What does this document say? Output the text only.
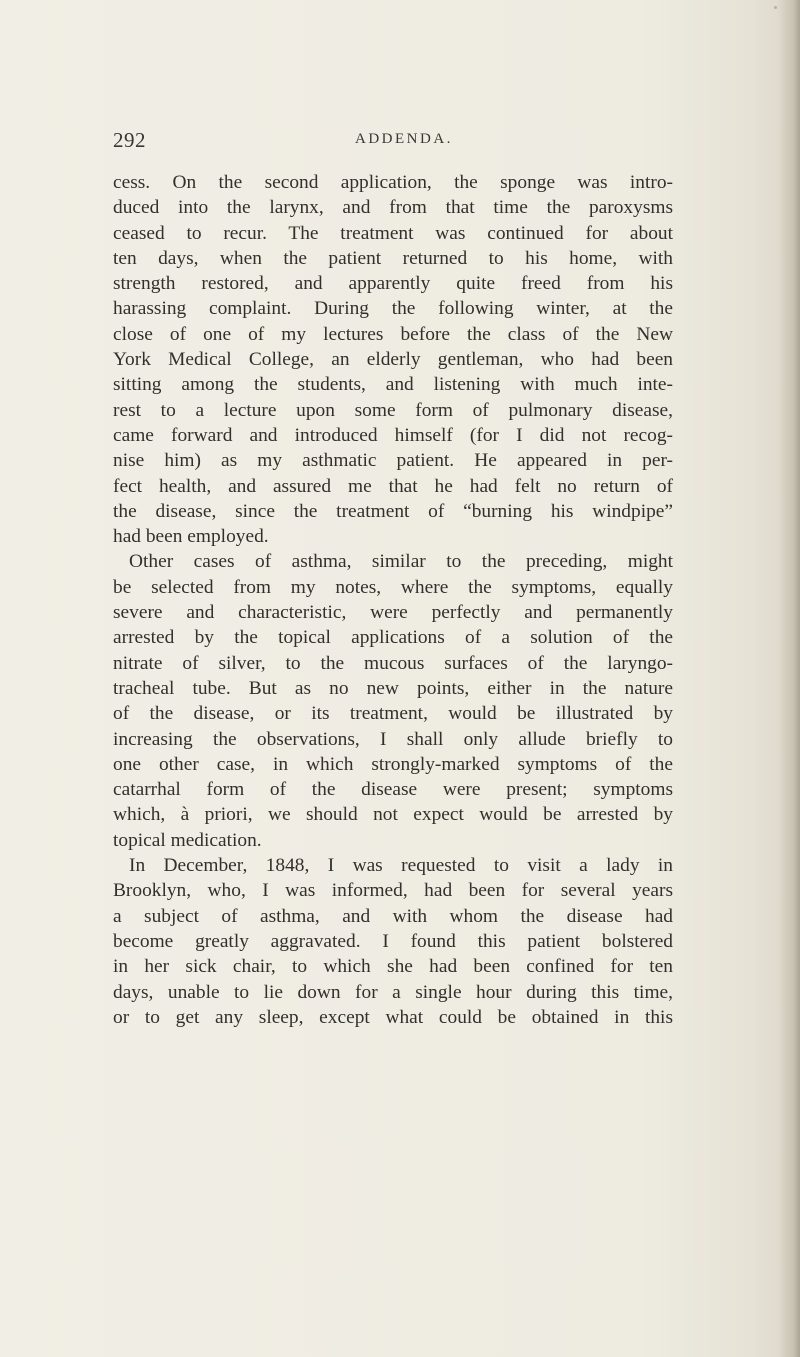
292	ADDENDA.
cess. On the second application, the sponge was intro-
duced into the larynx, and from that time the paroxysms
ceased to recur. The treatment was continued for about
ten days, when the patient returned to his home, with
strength restored, and apparently quite freed from his
harassing complaint. During the following winter, at the
close of one of my lectures before the class of the New
York Medical College, an elderly gentleman, who had been
sitting among the students, and listening with much inte-
rest to a lecture upon some form of pulmonary disease,
came forward and introduced himself (for I did not recog-
nise him) as my asthmatic patient. He appeared in per-
fect health, and assured me that he had felt no return of
the disease, since the treatment of “burning his windpipe”
had been employed.
Other cases of asthma, similar to the preceding, might
be selected from my notes, where the symptoms, equally
severe and characteristic, were perfectly and permanently
arrested by the topical applications of a solution of the
nitrate of silver, to the mucous surfaces of the laryngo-
tracheal tube. But as no new points, either in the nature
of the disease, or its treatment, would be illustrated by
increasing the observations, I shall only allude briefly to
one other case, in which strongly-marked symptoms of the
catarrhal form of the disease were present; symptoms
which, à priori, we should not expect would be arrested by
topical medication.
In December, 1848, I was requested to visit a lady in
Brooklyn, who, I was informed, had been for several years
a subject of asthma, and with whom the disease had
become greatly aggravated. I found this patient bolstered
in her sick chair, to which she had been confined for ten
days, unable to lie down for a single hour during this time,
or to get any sleep, except what could be obtained in this
